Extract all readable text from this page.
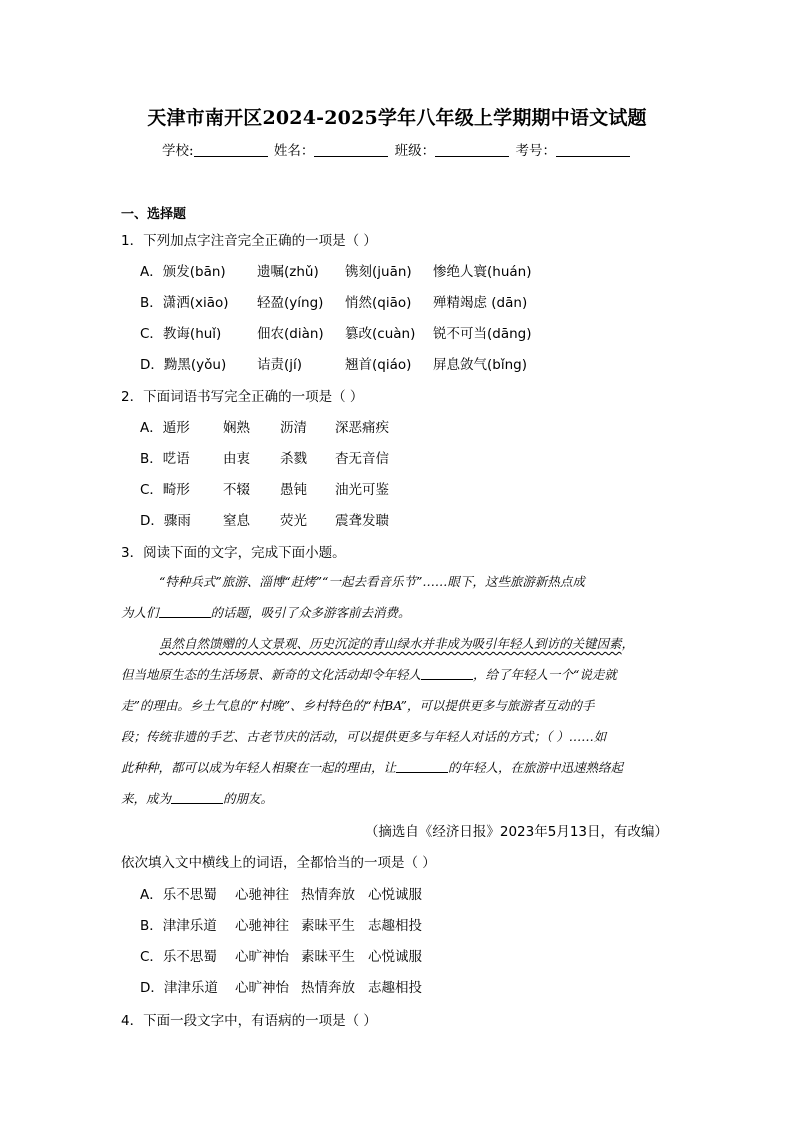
天津市南开区2024-2025学年八年级上学期期中语文试题
学校:	姓名：	班级：	考号：
一、选择题
1．下列加点字注音完全正确的一项是（ ）
A．颁发(bān) 遗嘱(zhǔ) 镌刻(juān) 惨绝人寰(huán)
B．潇洒(xiāo) 轻盈(yíng) 悄然(qiāo) 殚精竭虑 (dān)
C．教诲(huǐ)	佃农(diàn) 篡改(cuàn) 锐不可当(dāng)
D．黝黑(yǒu) 诘责(jí)	翘首(qiáo) 屏息敛气(bǐng)
2．下面词语书写完全正确的一项是（ ）
A．遁形 娴熟 沥清 深恶痛疾
B．呓语 由衷 杀戮 杳无音信
C．畸形 不辍 愚钝 油光可鉴
D．骤雨 窒息 荧光 震聋发聩
3．阅读下面的文字，完成下面小题。
“特种兵式”旅游、淄博“赶烤”“一起去看音乐节”……眼下，这些旅游新热点成
为人们	的话题，吸引了众多游客前去消费。
虽然自然馈赠的人文景观、历史沉淀的青山绿水并非成为吸引年轻人到访的关键因素，
但当地原生态的生活场景、新奇的文化活动却令年轻人	，给了年轻人一个“说走就
走”的理由。乡土气息的“村晚”、乡村特色的“村BA”，可以提供更多与旅游者互动的手
段；传统非遗的手艺、古老节庆的活动，可以提供更多与年轻人对话的方式；（ ）……如
此种种，都可以成为年轻人相聚在一起的理由，让	的年轻人，在旅游中迅速熟络起
来，成为	的朋友。
（摘选自《经济日报》2023年5月13日，有改编）
依次填入文中横线上的词语，全都恰当的一项是（ ）
A．乐不思蜀 心驰神往 热情奔放 心悦诚服
B．津津乐道 心驰神往 素昧平生 志趣相投
C．乐不思蜀 心旷神怡 素昧平生 心悦诚服
D．津津乐道 心旷神怡 热情奔放 志趣相投
4．下面一段文字中，有语病的一项是（ ）
